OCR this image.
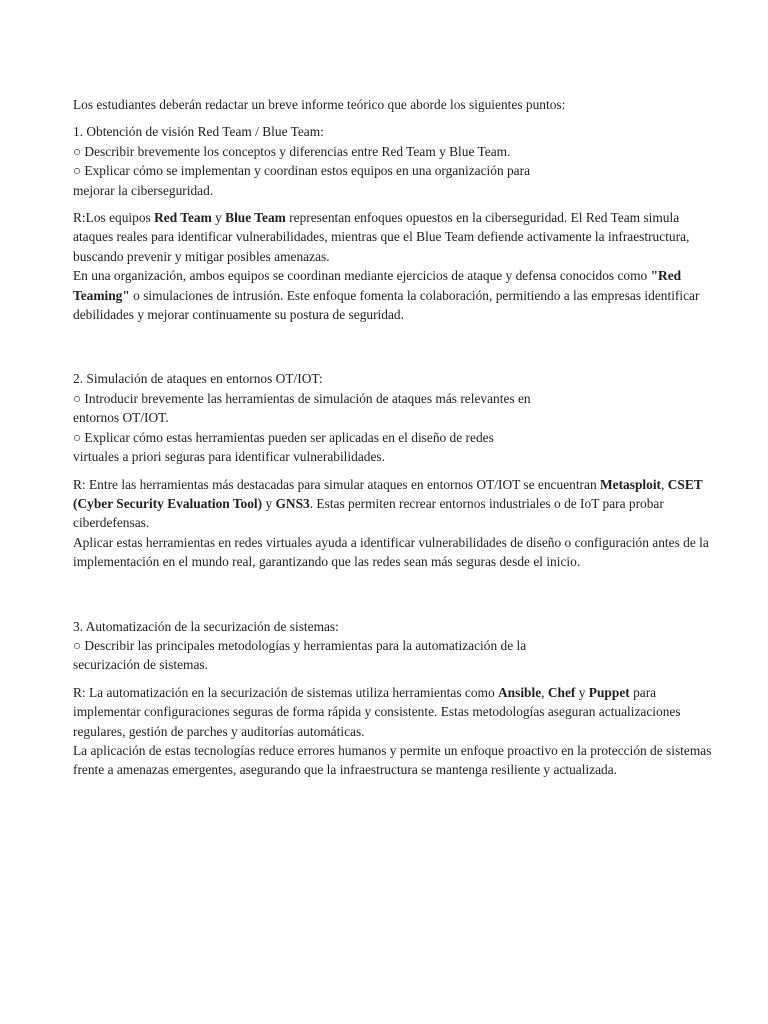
Los estudiantes deberán redactar un breve informe teórico que aborde los siguientes puntos:

1. Obtención de visión Red Team / Blue Team:
○ Describir brevemente los conceptos y diferencias entre Red Team y Blue Team.
○ Explicar cómo se implementan y coordinan estos equipos en una organización para mejorar la ciberseguridad.

R:Los equipos Red Team y Blue Team representan enfoques opuestos en la ciberseguridad. El Red Team simula ataques reales para identificar vulnerabilidades, mientras que el Blue Team defiende activamente la infraestructura, buscando prevenir y mitigar posibles amenazas.
En una organización, ambos equipos se coordinan mediante ejercicios de ataque y defensa conocidos como "Red Teaming" o simulaciones de intrusión. Este enfoque fomenta la colaboración, permitiendo a las empresas identificar debilidades y mejorar continuamente su postura de seguridad.

2. Simulación de ataques en entornos OT/IOT:
○ Introducir brevemente las herramientas de simulación de ataques más relevantes en entornos OT/IOT.
○ Explicar cómo estas herramientas pueden ser aplicadas en el diseño de redes virtuales a priori seguras para identificar vulnerabilidades.

R: Entre las herramientas más destacadas para simular ataques en entornos OT/IOT se encuentran Metasploit, CSET (Cyber Security Evaluation Tool) y GNS3. Estas permiten recrear entornos industriales o de IoT para probar ciberdefensas.
Aplicar estas herramientas en redes virtuales ayuda a identificar vulnerabilidades de diseño o configuración antes de la implementación en el mundo real, garantizando que las redes sean más seguras desde el inicio.

3. Automatización de la securización de sistemas:
○ Describir las principales metodologías y herramientas para la automatización de la securización de sistemas.

R: La automatización en la securización de sistemas utiliza herramientas como Ansible, Chef y Puppet para implementar configuraciones seguras de forma rápida y consistente. Estas metodologías aseguran actualizaciones regulares, gestión de parches y auditorías automáticas.
La aplicación de estas tecnologías reduce errores humanos y permite un enfoque proactivo en la protección de sistemas frente a amenazas emergentes, asegurando que la infraestructura se mantenga resiliente y actualizada.
